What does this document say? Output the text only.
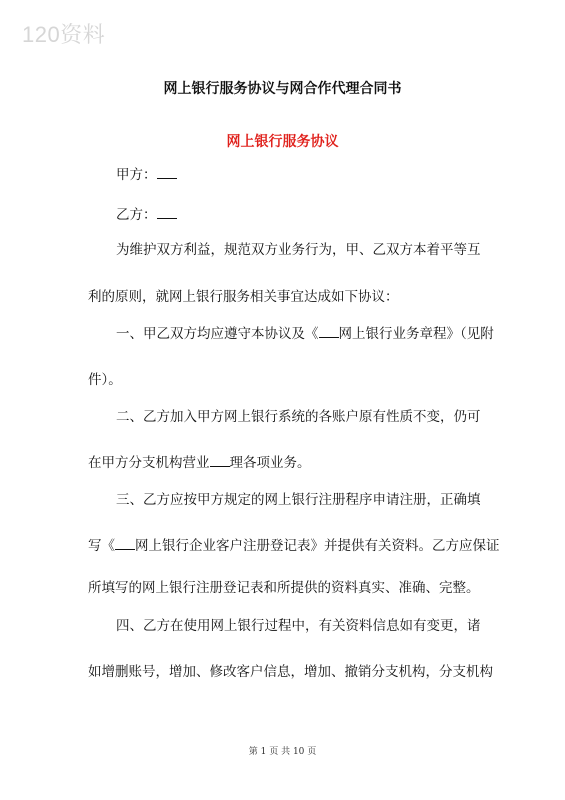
120资料
网上银行服务协议与网合作代理合同书
网上银行服务协议
甲方：
乙方：
为维护双方利益，规范双方业务行为，甲、乙双方本着平等互
利的原则，就网上银行服务相关事宜达成如下协议：
一、甲乙双方均应遵守本协议及《 网上银行业务章程》（见附
件）。
二、乙方加入甲方网上银行系统的各账户原有性质不变，仍可
在甲方分支机构营业 理各项业务。
三、乙方应按甲方规定的网上银行注册程序申请注册，正确填
写《 网上银行企业客户注册登记表》并提供有关资料。乙方应保证
所填写的网上银行注册登记表和所提供的资料真实、准确、完整。
四、乙方在使用网上银行过程中，有关资料信息如有变更，诸
如增删账号，增加、修改客户信息，增加、撤销分支机构，分支机构
第 1 页 共 10 页
